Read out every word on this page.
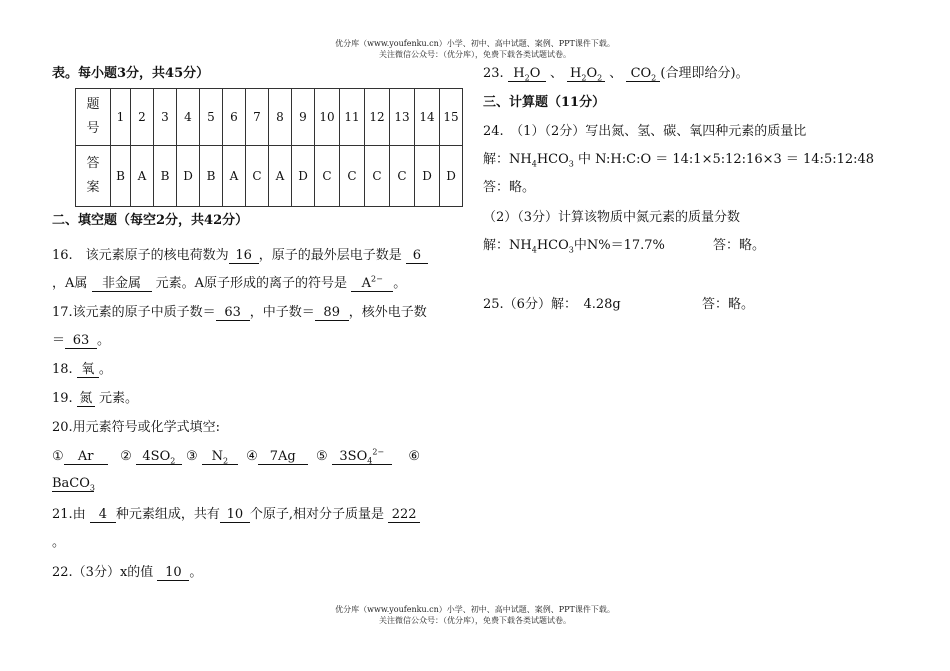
优分库（www.youfenku.cn）小学、初中、高中试题、案例、PPT课件下载。
关注微信公众号：（优分库），免费下载各类试题试卷。
表。每小题3分，共45分）
题号	1	2	3	4	5	6	7	8	9	10	11	12	13	14	15
答案	B	A	B	D	B	A	C	A	D	C	C	C	C	D	D
二、填空题（每空2分，共42分）
16.　该元素原子的核电荷数为 16 ，原子的最外层电子数是 6
，A属 非金属 元素。A原子形成的离子的符号是 $A^{2-}$ 。
17.该元素的原子中质子数＝ 63 ，中子数＝ 89 ，核外电子数
＝ 63 。
18. 氧 。
19. 氮 元素。
20.用元素符号或化学式填空:
① Ar ② $4SO_2$ ③ $N_2$ ④ 7Ag ⑤ $3SO_4^{2-}$ ⑥
BaCO$_3$
21.由 4 种元素组成，共有 10 个原子,相对分子质量是 222
。
22.（3分）x的值 10 。
23. $H_2O$ 、 $H_2O_2$ 、 $CO_2$ (合理即给分)。
三、计算题（11分）
24.　（1）（2分）写出氮、氢、碳、氧四种元素的质量比
解：$NH_4HCO_3$ 中 N:H:C:O ＝ 14:1×5:12:16×3 ＝ 14:5:12:48
答：略。
（2）（3分）计算该物质中氮元素的质量分数
解：$NH_4HCO_3$中N%＝17.7%	答：略。
25.（6分）解：　4.28g	答：略。
优分库（www.youfenku.cn）小学、初中、高中试题、案例、PPT课件下载。
关注微信公众号：（优分库），免费下载各类试题试卷。
